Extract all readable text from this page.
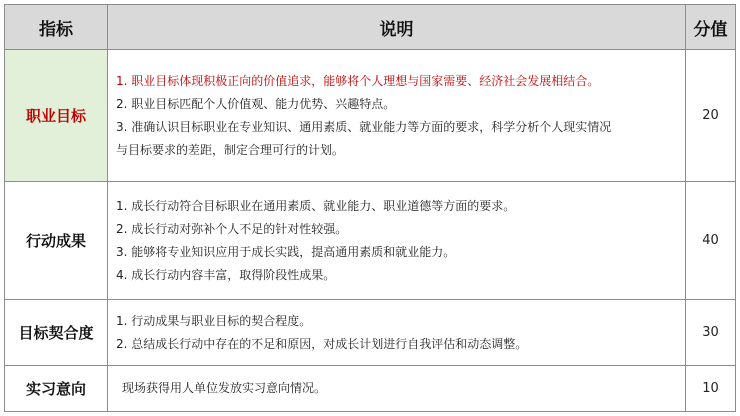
指标	说明	分值
职业目标	1. 职业目标体现积极正向的价值追求，能够将个人理想与国家需要、经济社会发展相结合。
2. 职业目标匹配个人价值观、能力优势、兴趣特点。
3. 准确认识目标职业在专业知识、通用素质、就业能力等方面的要求，科学分析个人现实情况
与目标要求的差距，制定合理可行的计划。	20
行动成果	1. 成长行动符合目标职业在通用素质、就业能力、职业道德等方面的要求。
2. 成长行动对弥补个人不足的针对性较强。
3. 能够将专业知识应用于成长实践，提高通用素质和就业能力。
4. 成长行动内容丰富，取得阶段性成果。	40
目标契合度	1. 行动成果与职业目标的契合程度。
2. 总结成长行动中存在的不足和原因，对成长计划进行自我评估和动态调整。	30
实习意向	现场获得用人单位发放实习意向情况。	10
